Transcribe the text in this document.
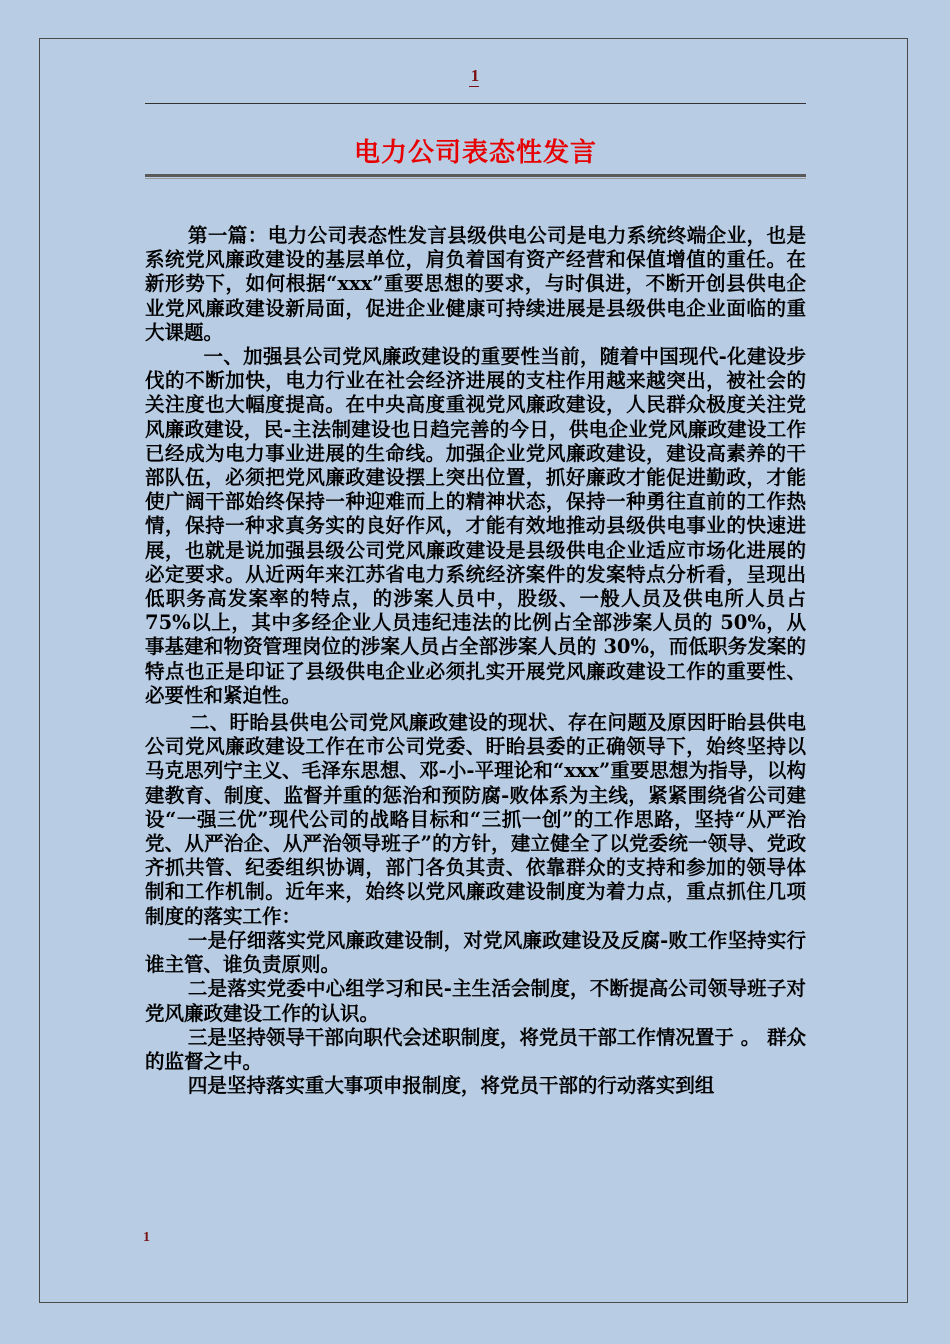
1
电力公司表态性发言

第一篇：电力公司表态性发言县级供电公司是电力系统终端企业，也是系统党风廉政建设的基层单位，肩负着国有资产经营和保值增值的重任。在新形势下，如何根据“xxx”重要思想的要求，与时俱进，不断开创县供电企业党风廉政建设新局面，促进企业健康可持续进展是县级供电企业面临的重大课题。

一、加强县公司党风廉政建设的重要性当前，随着中国现代-化建设步伐的不断加快，电力行业在社会经济进展的支柱作用越来越突出，被社会的关注度也大幅度提高。在中央高度重视党风廉政建设，人民群众极度关注党风廉政建设，民-主法制建设也日趋完善的今日，供电企业党风廉政建设工作已经成为电力事业进展的生命线。加强企业党风廉政建设，建设高素养的干部队伍，必须把党风廉政建设摆上突出位置，抓好廉政才能促进勤政，才能使广阔干部始终保持一种迎难而上的精神状态，保持一种勇往直前的工作热情，保持一种求真务实的良好作风，才能有效地推动县级供电事业的快速进展，也就是说加强县级公司党风廉政建设是县级供电企业适应市场化进展的必定要求。从近两年来江苏省电力系统经济案件的发案特点分析看，呈现出低职务高发案率的特点，的涉案人员中，股级、一般人员及供电所人员占 75%以上，其中多经企业人员违纪违法的比例占全部涉案人员的 50%，从事基建和物资管理岗位的涉案人员占全部涉案人员的 30%，而低职务发案的特点也正是印证了县级供电企业必须扎实开展党风廉政建设工作的重要性、必要性和紧迫性。

二、盱眙县供电公司党风廉政建设的现状、存在问题及原因盱眙县供电公司党风廉政建设工作在市公司党委、盱眙县委的正确领导下，始终坚持以马克思列宁主义、毛泽东思想、邓-小-平理论和“xxx”重要思想为指导，以构建教育、制度、监督并重的惩治和预防腐-败体系为主线，紧紧围绕省公司建设“一强三优”现代公司的战略目标和“三抓一创”的工作思路，坚持“从严治党、从严治企、从严治领导班子”的方针，建立健全了以党委统一领导、党政齐抓共管、纪委组织协调，部门各负其责、依靠群众的支持和参加的领导体制和工作机制。近年来，始终以党风廉政建设制度为着力点，重点抓住几项制度的落实工作：

一是仔细落实党风廉政建设制，对党风廉政建设及反腐-败工作坚持实行谁主管、谁负责原则。

二是落实党委中心组学习和民-主生活会制度，不断提高公司领导班子对党风廉政建设工作的认识。

三是坚持领导干部向职代会述职制度，将党员干部工作情况置于 。 群众的监督之中。

四是坚持落实重大事项申报制度，将党员干部的行动落实到组

1
